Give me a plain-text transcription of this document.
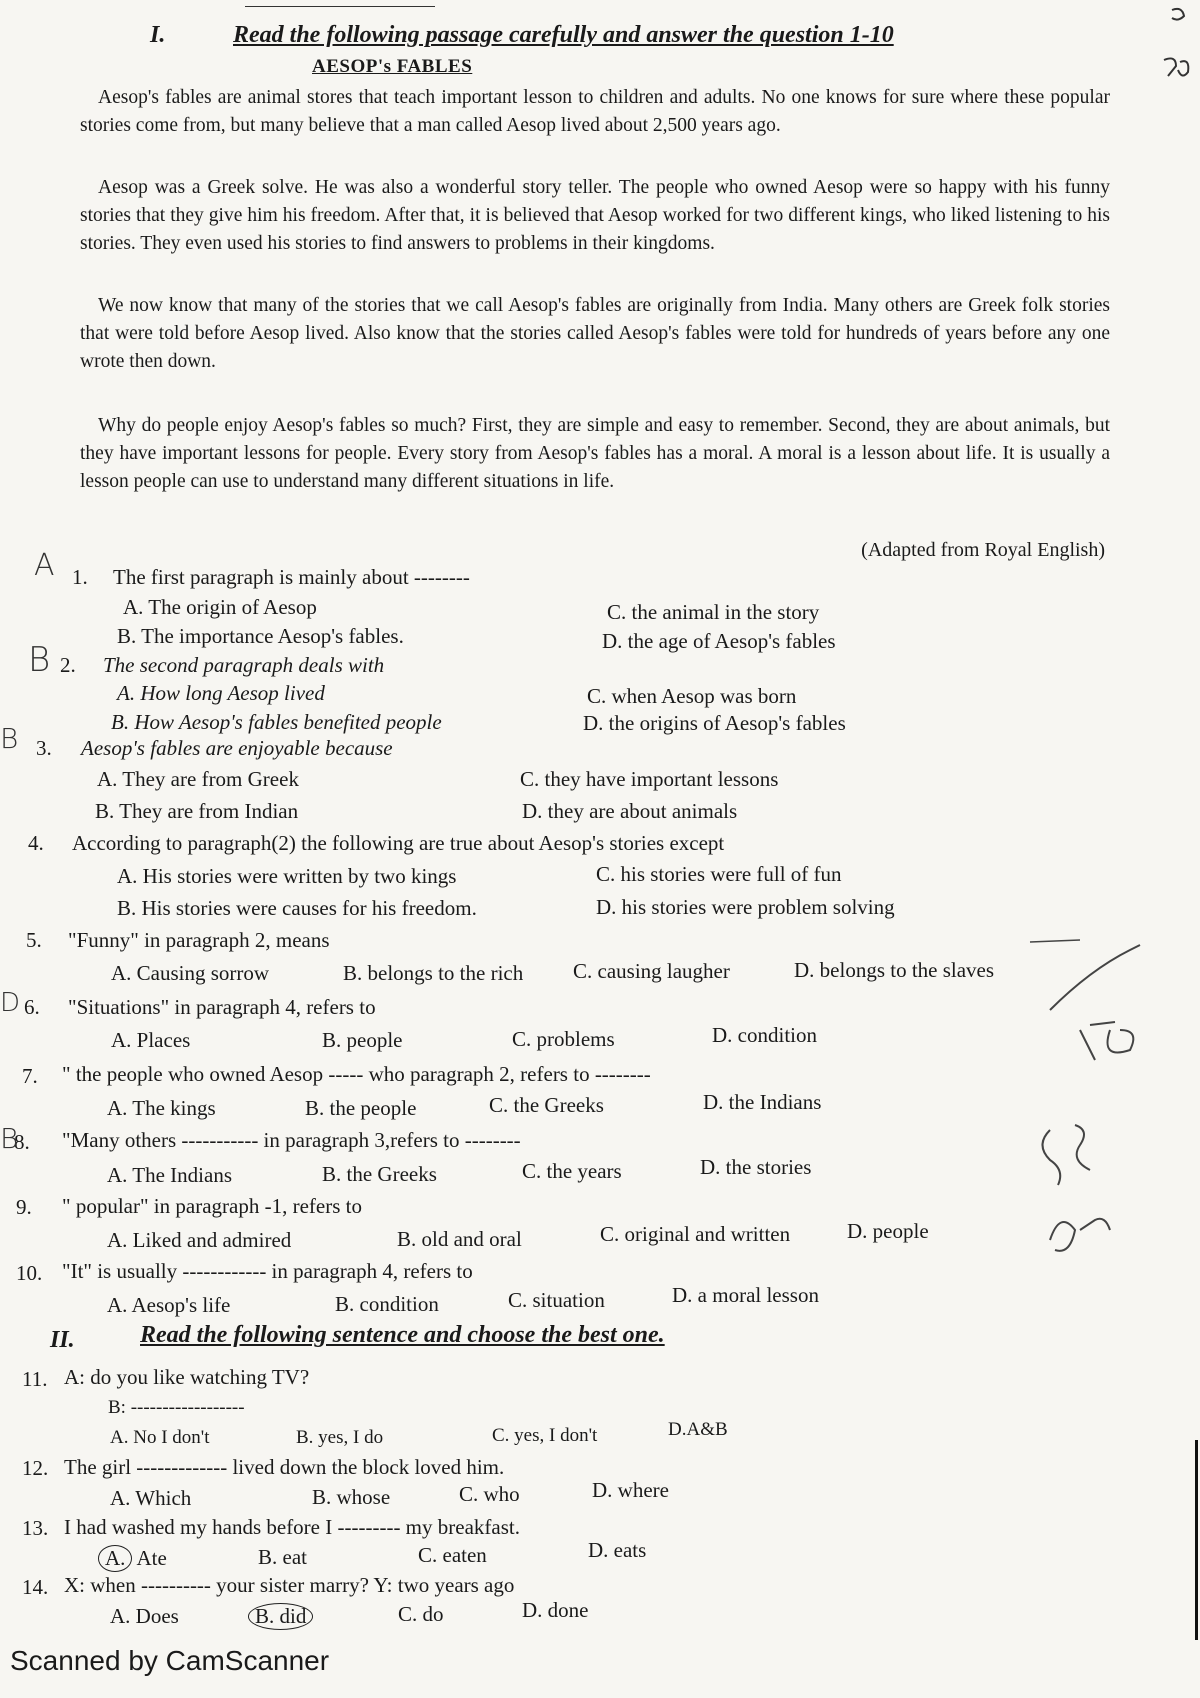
I.	Read the following passage carefully and answer the question 1-10
AESOP's FABLES

Aesop's fables are animal stores that teach important lesson to children and adults. No one knows for sure where these popular stories come from, but many believe that a man called Aesop lived about 2,500 years ago.

Aesop was a Greek solve. He was also a wonderful story teller. The people who owned Aesop were so happy with his funny stories that they give him his freedom. After that, it is believed that Aesop worked for two different kings, who liked listening to his stories. They even used his stories to find answers to problems in their kingdoms.

We now know that many of the stories that we call Aesop's fables are originally from India. Many others are Greek folk stories that were told before Aesop lived. Also know that the stories called Aesop's fables were told for hundreds of years before any one wrote then down.

Why do people enjoy Aesop's fables so much? First, they are simple and easy to remember. Second, they are about animals, but they have important lessons for people. Every story from Aesop's fables has a moral. A moral is a lesson about life. It is usually a lesson people can use to understand many different situations in life.

(Adapted from Royal English)
1. The first paragraph is mainly about --------
A. The origin of Aesop	C. the animal in the story
B. The importance Aesop's fables.	D. the age of Aesop's fables
2. The second paragraph deals with
A. How long Aesop lived	C. when Aesop was born
B. How Aesop's fables benefited people	D. the origins of Aesop's fables
3. Aesop's fables are enjoyable because
A. They are from Greek	C. they have important lessons
B. They are from Indian	D. they are about animals
4. According to paragraph(2) the following are true about Aesop's stories except
A. His stories were written by two kings	C. his stories were full of fun
B. His stories were causes for his freedom.	D. his stories were problem solving
5. "Funny" in paragraph 2, means
A. Causing sorrow	B. belongs to the rich C. causing laugher	D. belongs to the slaves
6. "Situations" in paragraph 4, refers to
A. Places	B. people	C. problems	D. condition
7. " the people who owned Aesop ----- who paragraph 2, refers to --------
A. The kings	B. the people	C. the Greeks	D. the Indians
8. "Many others ----------- in paragraph 3,refers to --------
A. The Indians	B. the Greeks	C. the years	D. the stories
9. " popular" in paragraph -1, refers to
A. Liked and admired	B. old and oral	C. original and written	D. people
10. "It" is usually ------------ in paragraph 4, refers to
A. Aesop's life	B. condition	C. situation	D. a moral lesson
II.	Read the following sentence and choose the best one.
11. A: do you like watching TV?
B: ------------------
A. No I don't	B. yes, I do	C. yes, I don't	D.A&B
12. The girl ------------- lived down the block loved him.
A. Which	B. whose	C. who	D. where
13. I had washed my hands before I --------- my breakfast.
A. Ate	B. eat	C. eaten	D. eats
14. X: when ---------- your sister marry? Y: two years ago
A. Does	B. did	C. do	D. done
A
B
B
D
B
Scanned by CamScanner
